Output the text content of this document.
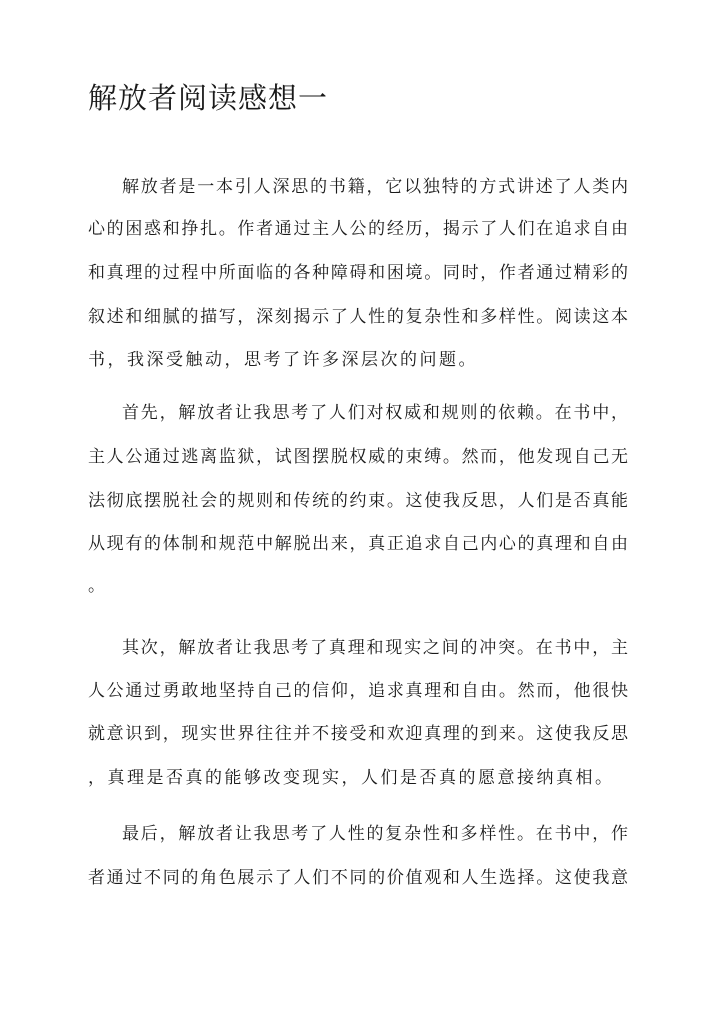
解放者阅读感想一

解放者是一本引人深思的书籍，它以独特的方式讲述了人类内

心的困惑和挣扎。作者通过主人公的经历，揭示了人们在追求自由

和真理的过程中所面临的各种障碍和困境。同时，作者通过精彩的

叙述和细腻的描写，深刻揭示了人性的复杂性和多样性。阅读这本

书，我深受触动，思考了许多深层次的问题。

首先，解放者让我思考了人们对权威和规则的依赖。在书中，

主人公通过逃离监狱，试图摆脱权威的束缚。然而，他发现自己无

法彻底摆脱社会的规则和传统的约束。这使我反思，人们是否真能

从现有的体制和规范中解脱出来，真正追求自己内心的真理和自由

。

其次，解放者让我思考了真理和现实之间的冲突。在书中，主

人公通过勇敢地坚持自己的信仰，追求真理和自由。然而，他很快

就意识到，现实世界往往并不接受和欢迎真理的到来。这使我反思

，真理是否真的能够改变现实，人们是否真的愿意接纳真相。

最后，解放者让我思考了人性的复杂性和多样性。在书中，作

者通过不同的角色展示了人们不同的价值观和人生选择。这使我意
